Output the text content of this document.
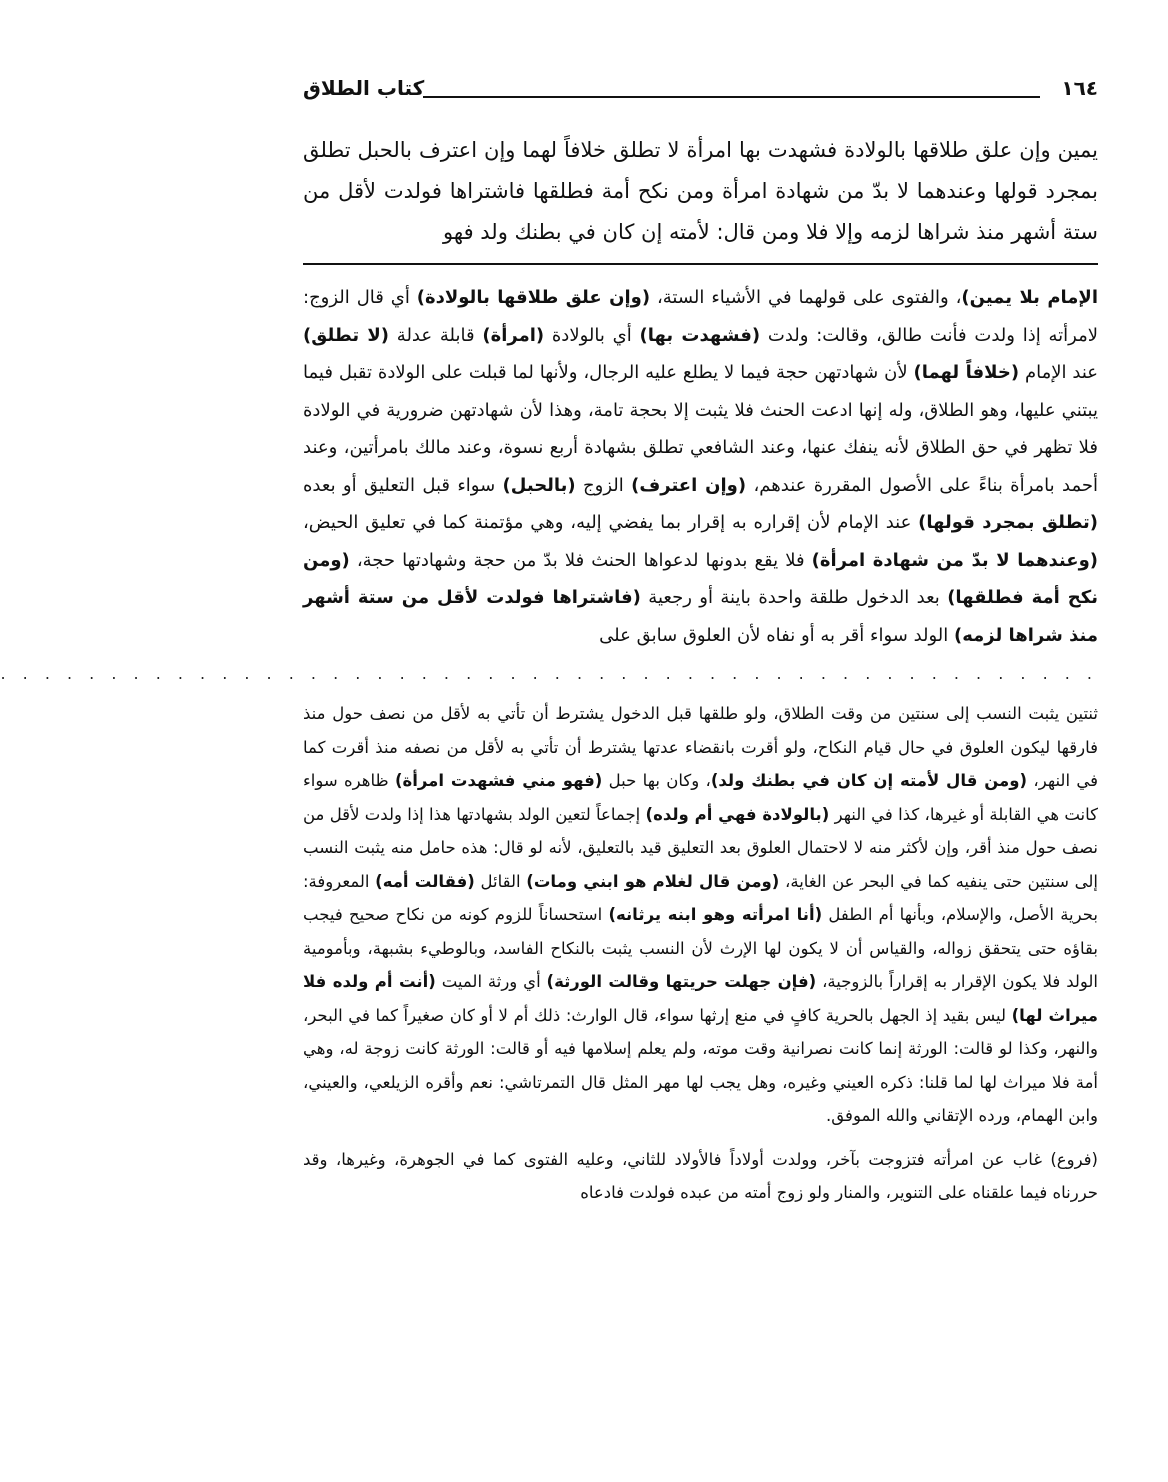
١٦٤
كتاب الطلاق

يمين وإن علق طلاقها بالولادة فشهدت بها امرأة لا تطلق خلافاً لهما وإن اعترف بالحبل تطلق بمجرد قولها وعندهما لا بدّ من شهادة امرأة ومن نكح أمة فطلقها فاشتراها فولدت لأقل من ستة أشهر منذ شراها لزمه وإلا فلا ومن قال: لأمته إن كان في بطنك ولد فهو

الإمام بلا يمين)، والفتوى على قولهما في الأشياء الستة، (وإن علق طلاقها بالولادة) أي قال الزوج: لامرأته إذا ولدت فأنت طالق، وقالت: ولدت (فشهدت بها) أي بالولادة (امرأة) قابلة عدلة (لا تطلق) عند الإمام (خلافاً لهما) لأن شهادتهن حجة فيما لا يطلع عليه الرجال، ولأنها لما قبلت على الولادة تقبل فيما يبتني عليها، وهو الطلاق، وله إنها ادعت الحنث فلا يثبت إلا بحجة تامة، وهذا لأن شهادتهن ضرورية في الولادة فلا تظهر في حق الطلاق لأنه ينفك عنها، وعند الشافعي تطلق بشهادة أربع نسوة، وعند مالك بامرأتين، وعند أحمد بامرأة بناءً على الأصول المقررة عندهم، (وإن اعترف) الزوج (بالحبل) سواء قبل التعليق أو بعده (تطلق بمجرد قولها) عند الإمام لأن إقراره به إقرار بما يفضي إليه، وهي مؤتمنة كما في تعليق الحيض، (وعندهما لا بدّ من شهادة امرأة) فلا يقع بدونها لدعواها الحنث فلا بدّ من حجة وشهادتها حجة، (ومن نكح أمة فطلقها) بعد الدخول طلقة واحدة باينة أو رجعية (فاشتراها فولدت لأقل من ستة أشهر منذ شراها لزمه) الولد سواء أقر به أو نفاه لأن العلوق سابق على

. . . . . . . . . . . . . . . . . . . . . . . . . . . . . . . . . . . . . . . . . . . . . . . . . .

ثنتين يثبت النسب إلى سنتين من وقت الطلاق، ولو طلقها قبل الدخول يشترط أن تأتي به لأقل من نصف حول منذ فارقها ليكون العلوق في حال قيام النكاح، ولو أقرت بانقضاء عدتها يشترط أن تأتي به لأقل من نصفه منذ أقرت كما في النهر، (ومن قال لأمته إن كان في بطنك ولد)، وكان بها حبل (فهو مني فشهدت امرأة) ظاهره سواء كانت هي القابلة أو غيرها، كذا في النهر (بالولادة فهي أم ولده) إجماعاً لتعين الولد بشهادتها هذا إذا ولدت لأقل من نصف حول منذ أقر، وإن لأكثر منه لا لاحتمال العلوق بعد التعليق قيد بالتعليق، لأنه لو قال: هذه حامل منه يثبت النسب إلى سنتين حتى ينفيه كما في البحر عن الغاية، (ومن قال لغلام هو ابني ومات) القائل (فقالت أمه) المعروفة: بحرية الأصل، والإسلام، وبأنها أم الطفل (أنا امرأته وهو ابنه يرثانه) استحساناً للزوم كونه من نكاح صحيح فيجب بقاؤه حتى يتحقق زواله، والقياس أن لا يكون لها الإرث لأن النسب يثبت بالنكاح الفاسد، وبالوطيء بشبهة، وبأمومية الولد فلا يكون الإقرار به إقراراً بالزوجية، (فإن جهلت حريتها وقالت الورثة) أي ورثة الميت (أنت أم ولده فلا ميراث لها) ليس بقيد إذ الجهل بالحرية كافٍ في منع إرثها سواء، قال الوارث: ذلك أم لا أو كان صغيراً كما في البحر، والنهر، وكذا لو قالت: الورثة إنما كانت نصرانية وقت موته، ولم يعلم إسلامها فيه أو قالت: الورثة كانت زوجة له، وهي أمة فلا ميراث لها لما قلنا: ذكره العيني وغيره، وهل يجب لها مهر المثل قال التمرتاشي: نعم وأقره الزيلعي، والعيني، وابن الهمام، ورده الإتقاني والله الموفق.

(فروع) غاب عن امرأته فتزوجت بآخر، وولدت أولاداً فالأولاد للثاني، وعليه الفتوى كما في الجوهرة، وغيرها، وقد حررناه فيما علقناه على التنوير، والمنار ولو زوج أمته من عبده فولدت فادعاه
